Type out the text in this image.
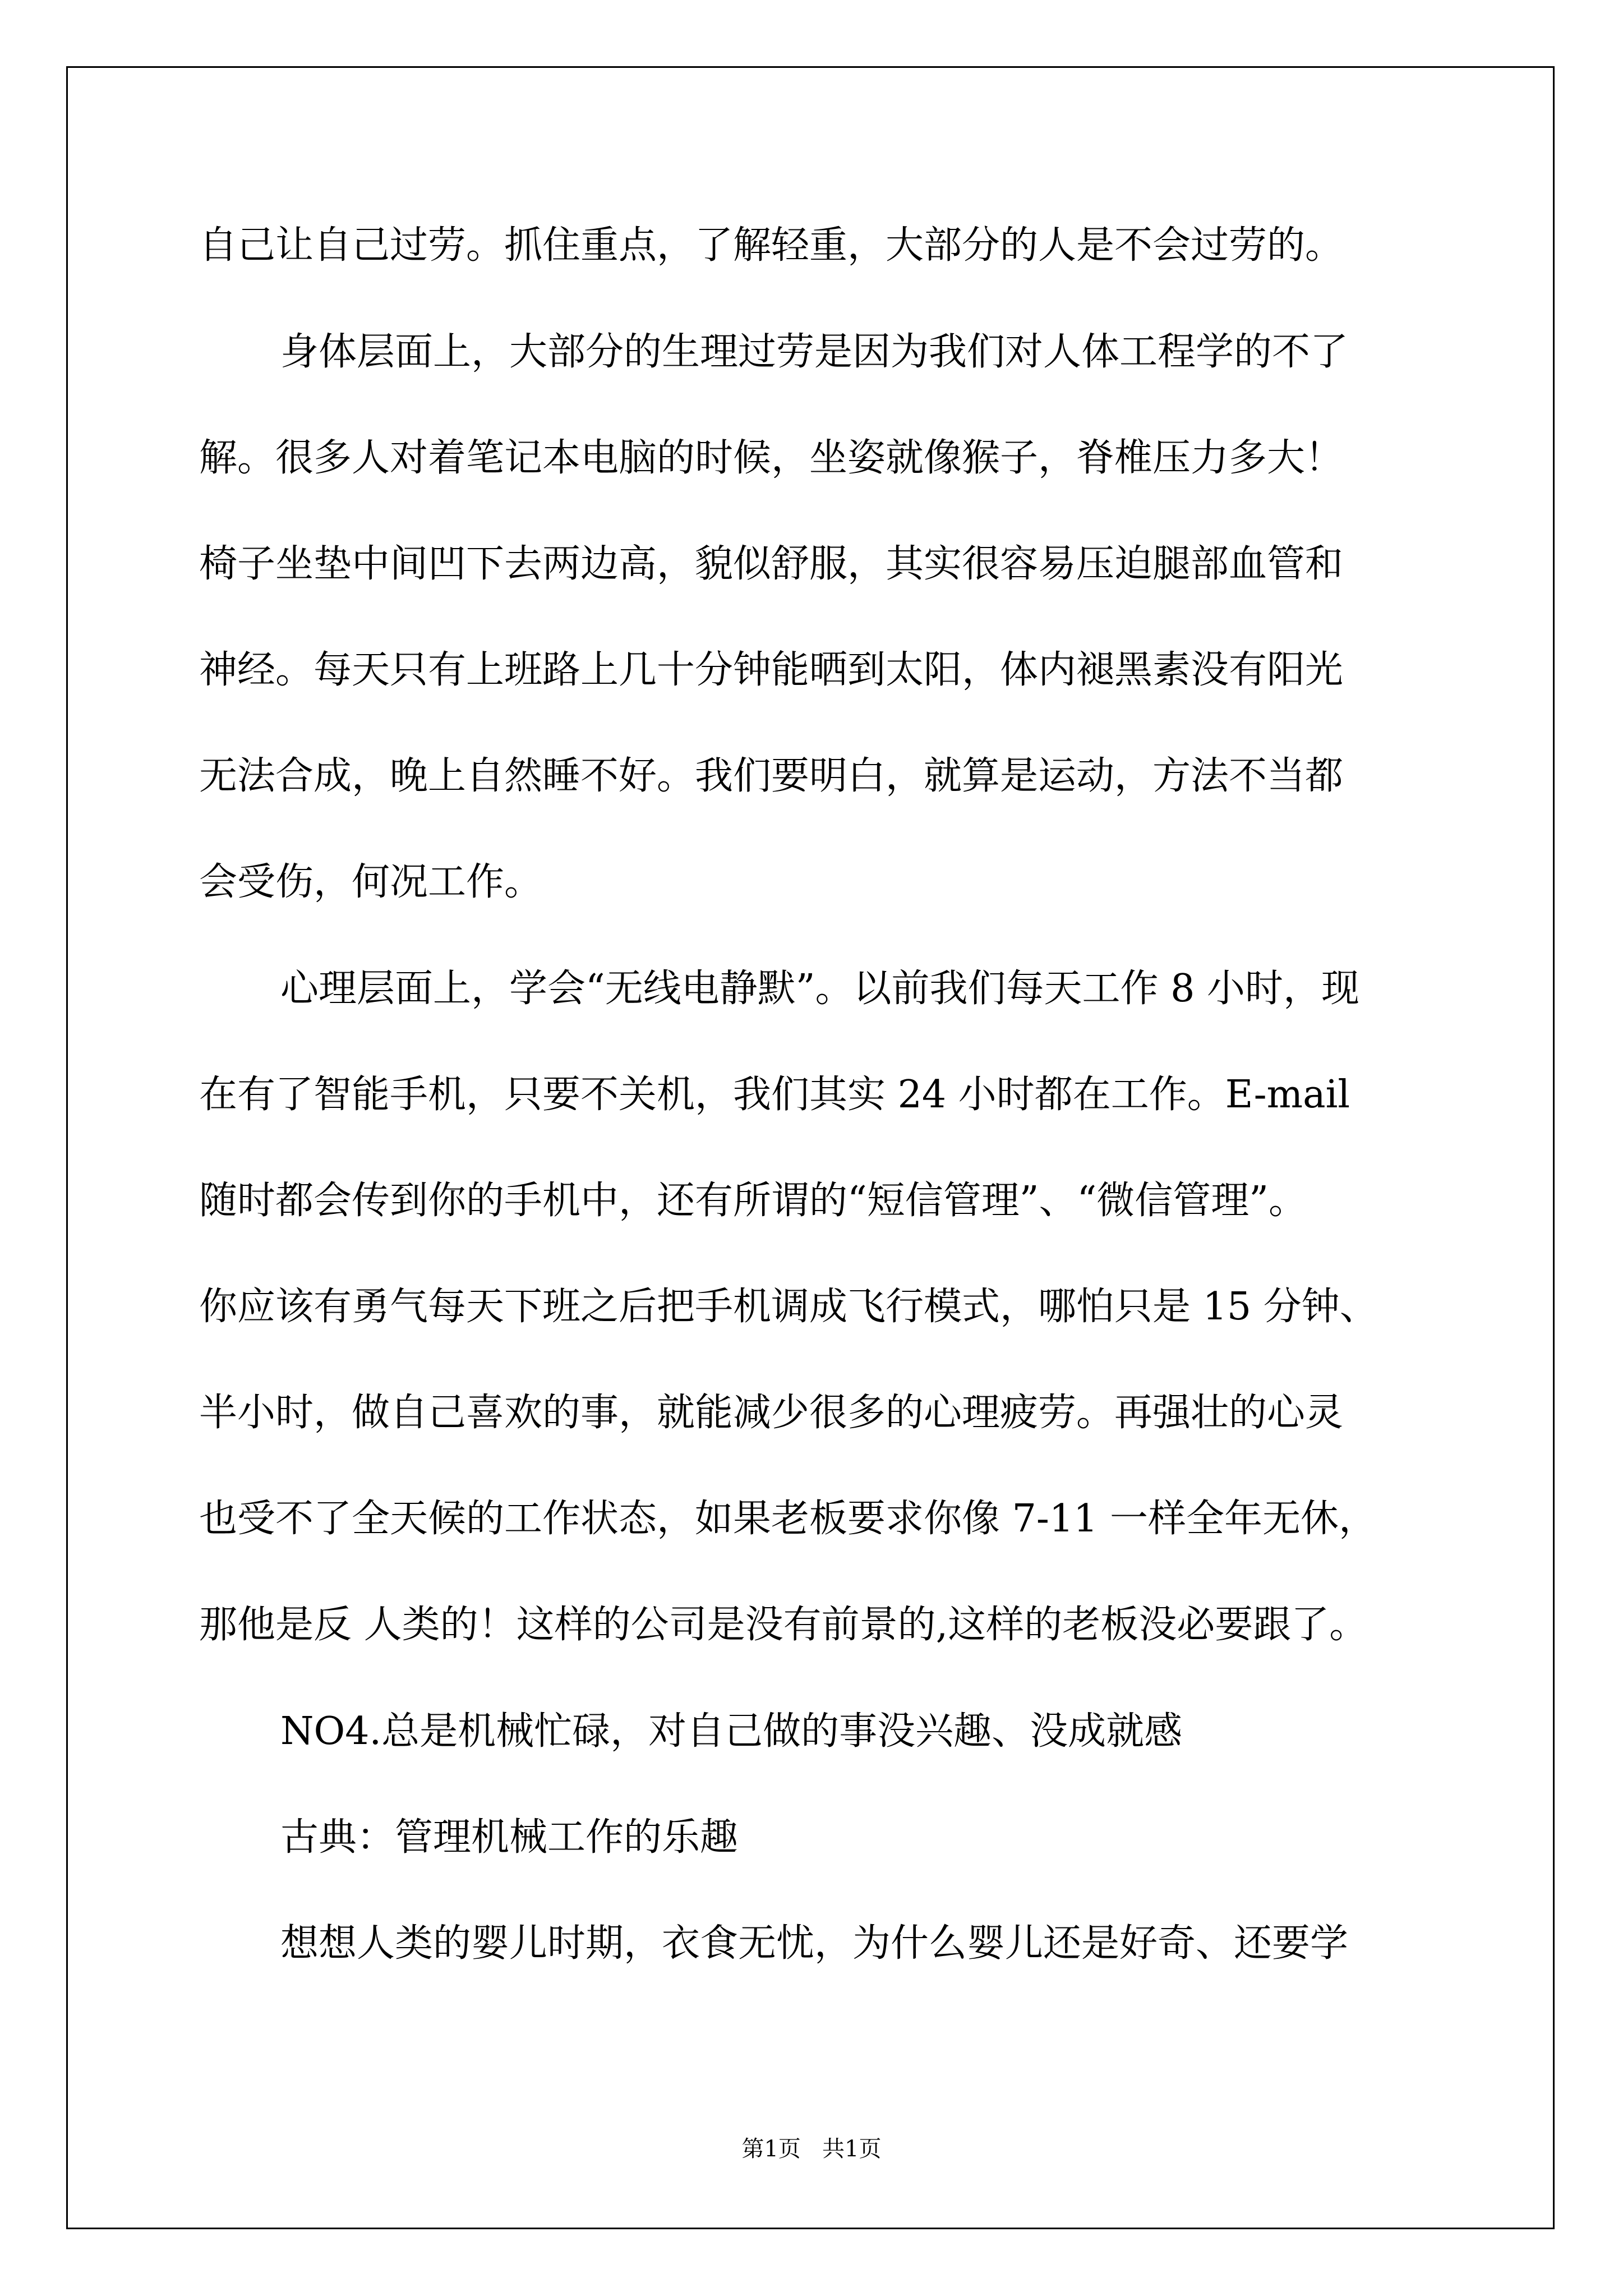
自己让自己过劳。抓住重点，了解轻重，大部分的人是不会过劳的。
身体层面上，大部分的生理过劳是因为我们对人体工程学的不了
解。很多人对着笔记本电脑的时候，坐姿就像猴子，脊椎压力多大！
椅子坐垫中间凹下去两边高，貌似舒服，其实很容易压迫腿部血管和
神经。每天只有上班路上几十分钟能晒到太阳，体内褪黑素没有阳光
无法合成，晚上自然睡不好。我们要明白，就算是运动，方法不当都
会受伤，何况工作。
心理层面上，学会“无线电静默”。以前我们每天工作 8 小时，现
在有了智能手机，只要不关机，我们其实 24 小时都在工作。E-mail
随时都会传到你的手机中，还有所谓的“短信管理”、“微信管理”。
你应该有勇气每天下班之后把手机调成飞行模式，哪怕只是 15 分钟、
半小时，做自己喜欢的事，就能减少很多的心理疲劳。再强壮的心灵
也受不了全天候的工作状态，如果老板要求你像 7-11 一样全年无休，
那他是反 人类的！这样的公司是没有前景的,这样的老板没必要跟了。
NO4.总是机械忙碌，对自己做的事没兴趣、没成就感
古典：管理机械工作的乐趣
想想人类的婴儿时期，衣食无忧，为什么婴儿还是好奇、还要学
第1页   共1页
